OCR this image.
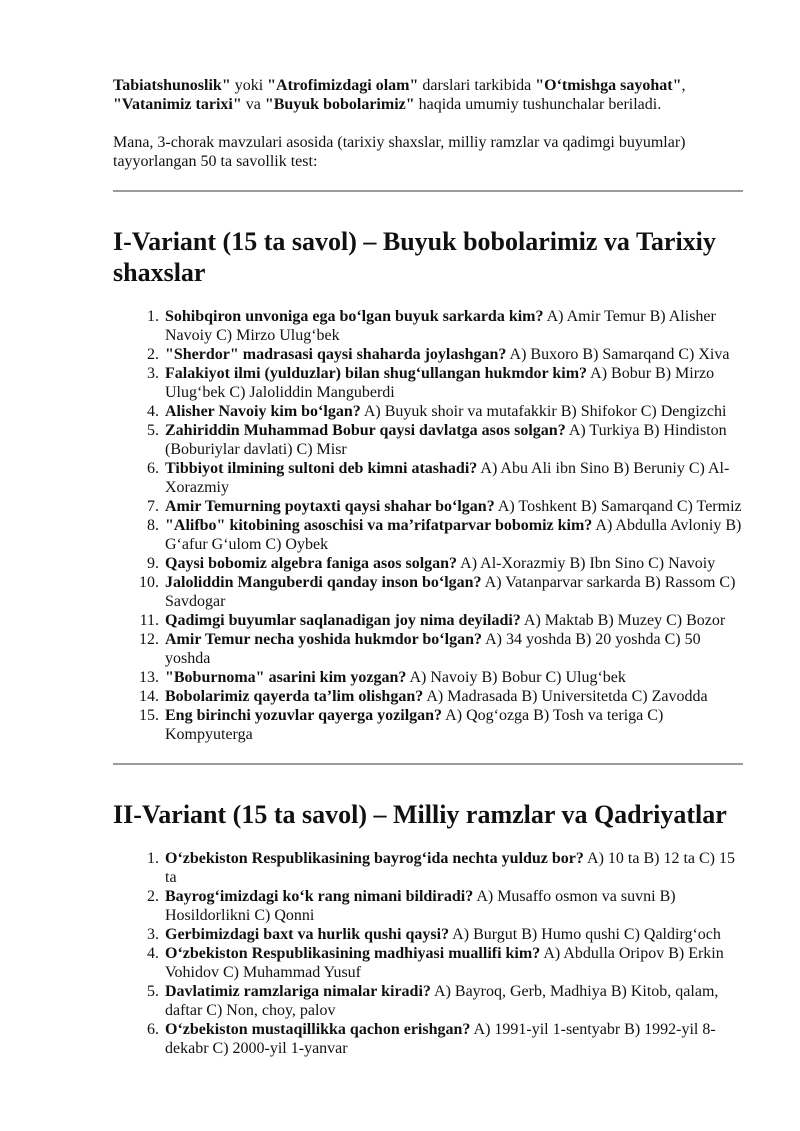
Tabiatshunoslik" yoki "Atrofimizdagi olam" darslari tarkibida "O‘tmishga sayohat", "Vatanimiz tarixi" va "Buyuk bobolarimiz" haqida umumiy tushunchalar beriladi.

Mana, 3-chorak mavzulari asosida (tarixiy shaxslar, milliy ramzlar va qadimgi buyumlar) tayyorlangan 50 ta savollik test:

I-Variant (15 ta savol) – Buyuk bobolarimiz va Tarixiy shaxslar
1. Sohibqiron unvoniga ega bo‘lgan buyuk sarkarda kim? A) Amir Temur B) Alisher Navoiy C) Mirzo Ulug‘bek
2. "Sherdor" madrasasi qaysi shaharda joylashgan? A) Buxoro B) Samarqand C) Xiva
3. Falakiyot ilmi (yulduzlar) bilan shug‘ullangan hukmdor kim? A) Bobur B) Mirzo Ulug‘bek C) Jaloliddin Manguberdi
4. Alisher Navoiy kim bo‘lgan? A) Buyuk shoir va mutafakkir B) Shifokor C) Dengizchi
5. Zahiriddin Muhammad Bobur qaysi davlatga asos solgan? A) Turkiya B) Hindiston (Boburiylar davlati) C) Misr
6. Tibbiyot ilmining sultoni deb kimni atashadi? A) Abu Ali ibn Sino B) Beruniy C) Al-Xorazmiy
7. Amir Temurning poytaxti qaysi shahar bo‘lgan? A) Toshkent B) Samarqand C) Termiz
8. "Alifbo" kitobining asoschisi va ma’rifatparvar bobomiz kim? A) Abdulla Avloniy B) G‘afur G‘ulom C) Oybek
9. Qaysi bobomiz algebra faniga asos solgan? A) Al-Xorazmiy B) Ibn Sino C) Navoiy
10. Jaloliddin Manguberdi qanday inson bo‘lgan? A) Vatanparvar sarkarda B) Rassom C) Savdogar
11. Qadimgi buyumlar saqlanadigan joy nima deyiladi? A) Maktab B) Muzey C) Bozor
12. Amir Temur necha yoshida hukmdor bo‘lgan? A) 34 yoshda B) 20 yoshda C) 50 yoshda
13. "Boburnoma" asarini kim yozgan? A) Navoiy B) Bobur C) Ulug‘bek
14. Bobolarimiz qayerda ta’lim olishgan? A) Madrasada B) Universitetda C) Zavodda
15. Eng birinchi yozuvlar qayerga yozilgan? A) Qog‘ozga B) Tosh va teriga C) Kompyuterga
II-Variant (15 ta savol) – Milliy ramzlar va Qadriyatlar
1. O‘zbekiston Respublikasining bayrog‘ida nechta yulduz bor? A) 10 ta B) 12 ta C) 15 ta
2. Bayrog‘imizdagi ko‘k rang nimani bildiradi? A) Musaffo osmon va suvni B) Hosildorlikni C) Qonni
3. Gerbimizdagi baxt va hurlik qushi qaysi? A) Burgut B) Humo qushi C) Qaldirg‘och
4. O‘zbekiston Respublikasining madhiyasi muallifi kim? A) Abdulla Oripov B) Erkin Vohidov C) Muhammad Yusuf
5. Davlatimiz ramzlariga nimalar kiradi? A) Bayroq, Gerb, Madhiya B) Kitob, qalam, daftar C) Non, choy, palov
6. O‘zbekiston mustaqillikka qachon erishgan? A) 1991-yil 1-sentyabr B) 1992-yil 8-dekabr C) 2000-yil 1-yanvar
